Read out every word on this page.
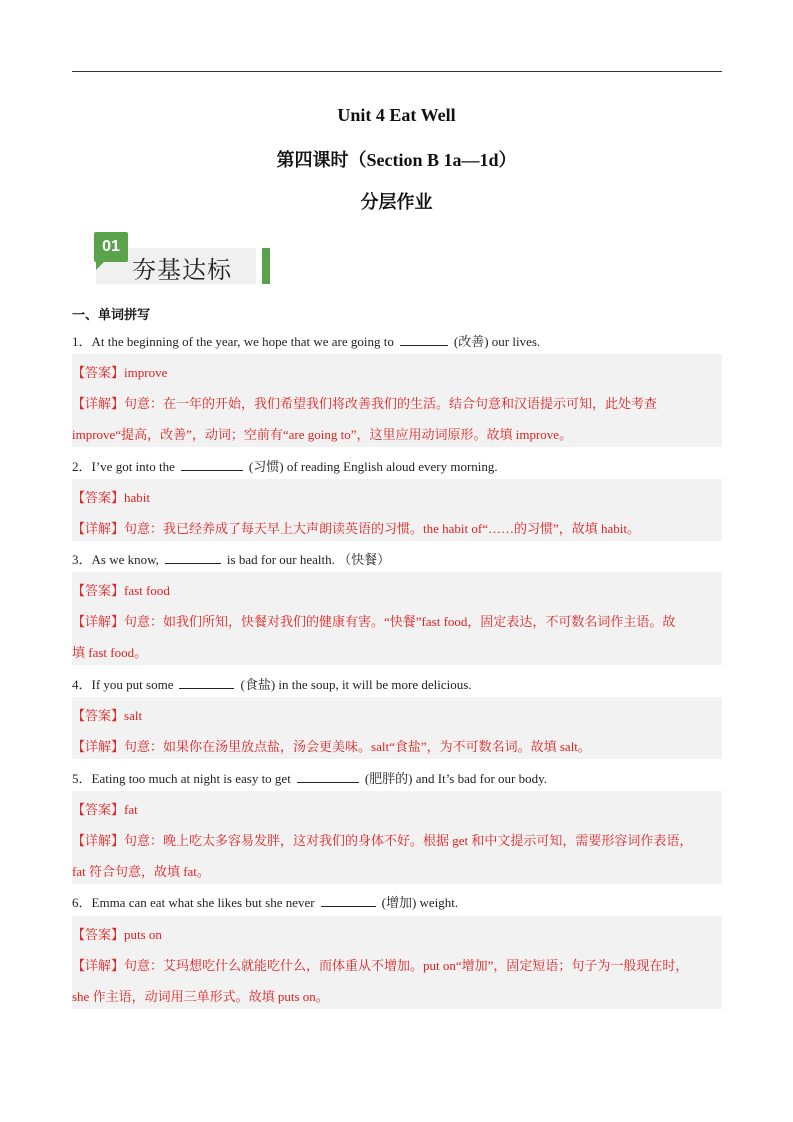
Unit 4 Eat Well
第四课时（Section B 1a—1d）
分层作业
01
夯基达标
一、单词拼写
1．At the beginning of the year, we hope that we are going to	(改善) our lives.
【答案】improve
【详解】句意：在一年的开始，我们希望我们将改善我们的生活。结合句意和汉语提示可知，此处考查
improve“提高，改善”，动词；空前有“are going to”，这里应用动词原形。故填 improve。
2．I’ve got into the	(习惯) of reading English aloud every morning.
【答案】habit
【详解】句意：我已经养成了每天早上大声朗读英语的习惯。the habit of“……的习惯”，故填 habit。
3．As we know,	is bad for our health. （快餐）
【答案】fast food
【详解】句意：如我们所知，快餐对我们的健康有害。“快餐”fast food，固定表达，不可数名词作主语。故
填 fast food。
4．If you put some	(食盐) in the soup, it will be more delicious.
【答案】salt
【详解】句意：如果你在汤里放点盐，汤会更美味。salt“食盐”，为不可数名词。故填 salt。
5．Eating too much at night is easy to get	(肥胖的) and It’s bad for our body.
【答案】fat
【详解】句意：晚上吃太多容易发胖，这对我们的身体不好。根据 get 和中文提示可知，需要形容词作表语，
fat 符合句意，故填 fat。
6．Emma can eat what she likes but she never	(增加) weight.
【答案】puts on
【详解】句意：艾玛想吃什么就能吃什么，而体重从不增加。put on“增加”，固定短语；句子为一般现在时，
she 作主语，动词用三单形式。故填 puts on。
